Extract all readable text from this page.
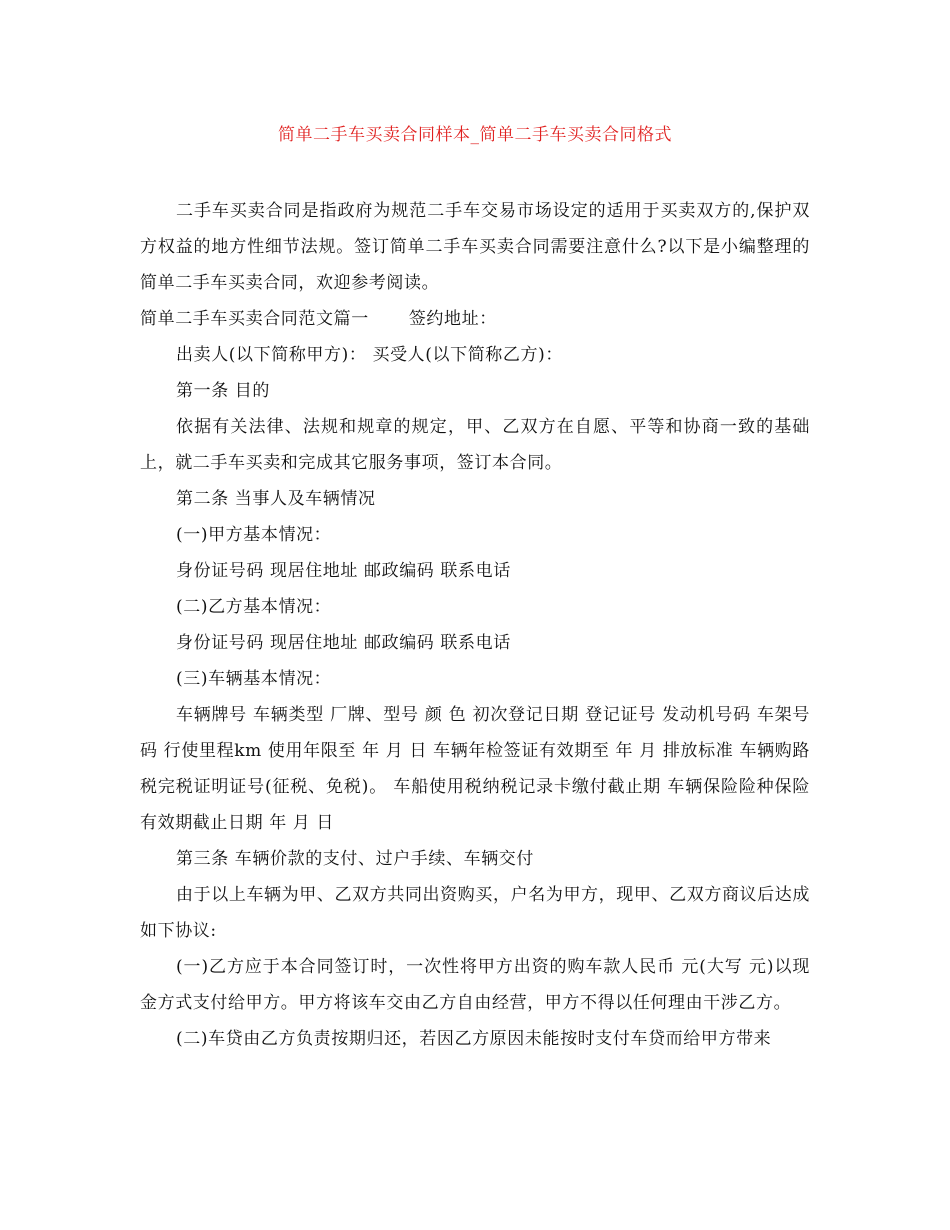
简单二手车买卖合同样本_简单二手车买卖合同格式

二手车买卖合同是指政府为规范二手车交易市场设定的适用于买卖双方的,保护双方权益的地方性细节法规。签订简单二手车买卖合同需要注意什么?以下是小编整理的简单二手车买卖合同，欢迎参考阅读。

简单二手车买卖合同范文篇一 签约地址：

出卖人(以下简称甲方)： 买受人(以下简称乙方)：

第一条 目的

依据有关法律、法规和规章的规定，甲、乙双方在自愿、平等和协商一致的基础上，就二手车买卖和完成其它服务事项，签订本合同。

第二条 当事人及车辆情况

(一)甲方基本情况：

身份证号码 现居住地址 邮政编码 联系电话

(二)乙方基本情况：

身份证号码 现居住地址 邮政编码 联系电话

(三)车辆基本情况：

车辆牌号 车辆类型 厂牌、型号 颜 色 初次登记日期 登记证号 发动机号码 车架号码 行使里程km 使用年限至 年 月 日 车辆年检签证有效期至 年 月 排放标准 车辆购路税完税证明证号(征税、免税)。 车船使用税纳税记录卡缴付截止期 车辆保险险种保险有效期截止日期 年 月 日

第三条 车辆价款的支付、过户手续、车辆交付

由于以上车辆为甲、乙双方共同出资购买，户名为甲方，现甲、乙双方商议后达成如下协议:

(一)乙方应于本合同签订时，一次性将甲方出资的购车款人民币 元(大写 元)以现金方式支付给甲方。甲方将该车交由乙方自由经营，甲方不得以任何理由干涉乙方。

(二)车贷由乙方负责按期归还，若因乙方原因未能按时支付车贷而给甲方带来
